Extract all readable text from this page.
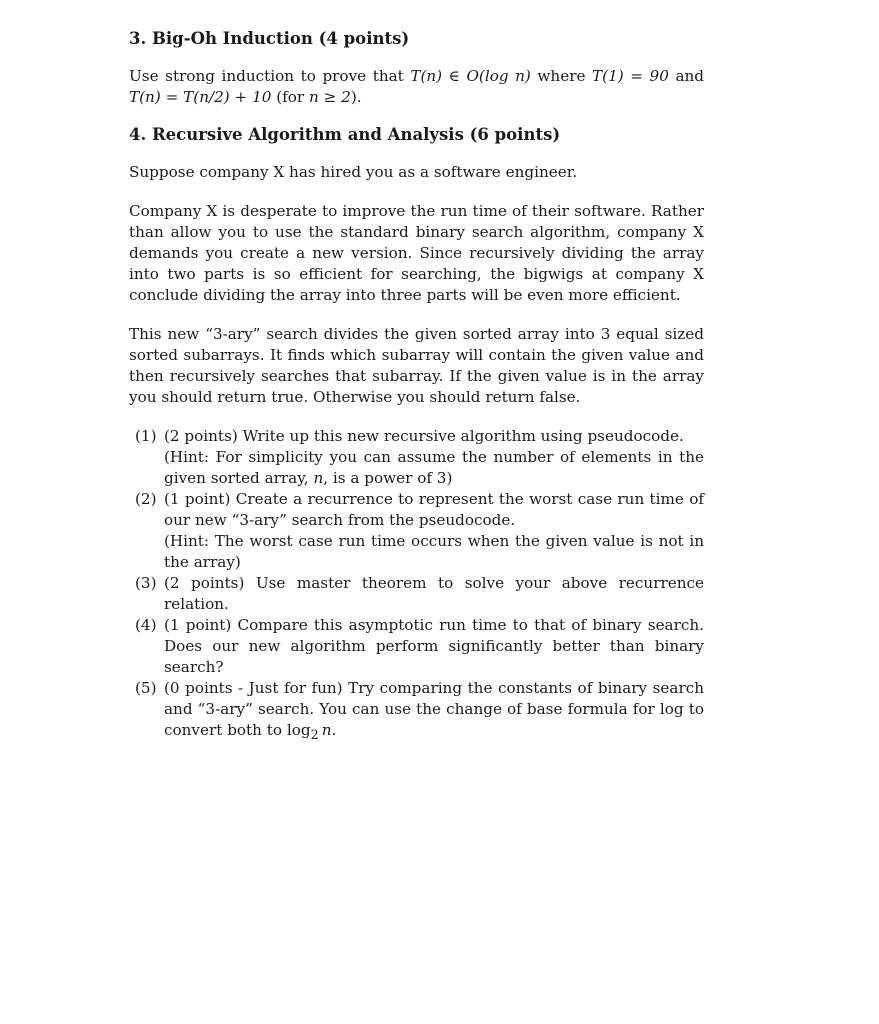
3. Big-Oh Induction (4 points)

Use strong induction to prove that T(n) ∈ O(log n) where T(1) = 90 and T(n) = T(n/2) + 10 (for n ≥ 2).

4. Recursive Algorithm and Analysis (6 points)

Suppose company X has hired you as a software engineer.

Company X is desperate to improve the run time of their software. Rather than allow you to use the standard binary search algorithm, company X demands you create a new version. Since recursively dividing the array into two parts is so efficient for searching, the bigwigs at company X conclude dividing the array into three parts will be even more efficient.

This new “3-ary” search divides the given sorted array into 3 equal sized sorted subarrays. It finds which subarray will contain the given value and then recursively searches that subarray. If the given value is in the array you should return true. Otherwise you should return false.

(1) (2 points) Write up this new recursive algorithm using pseudocode.
(Hint: For simplicity you can assume the number of elements in the given sorted array, n, is a power of 3)
(2) (1 point) Create a recurrence to represent the worst case run time of our new “3-ary” search from the pseudocode.
(Hint: The worst case run time occurs when the given value is not in the array)
(3) (2 points) Use master theorem to solve your above recurrence relation.
(4) (1 point) Compare this asymptotic run time to that of binary search. Does our new algorithm perform significantly better than binary search?
(5) (0 points - Just for fun) Try comparing the constants of binary search and “3-ary” search. You can use the change of base formula for log to convert both to $\log_2 n$.
